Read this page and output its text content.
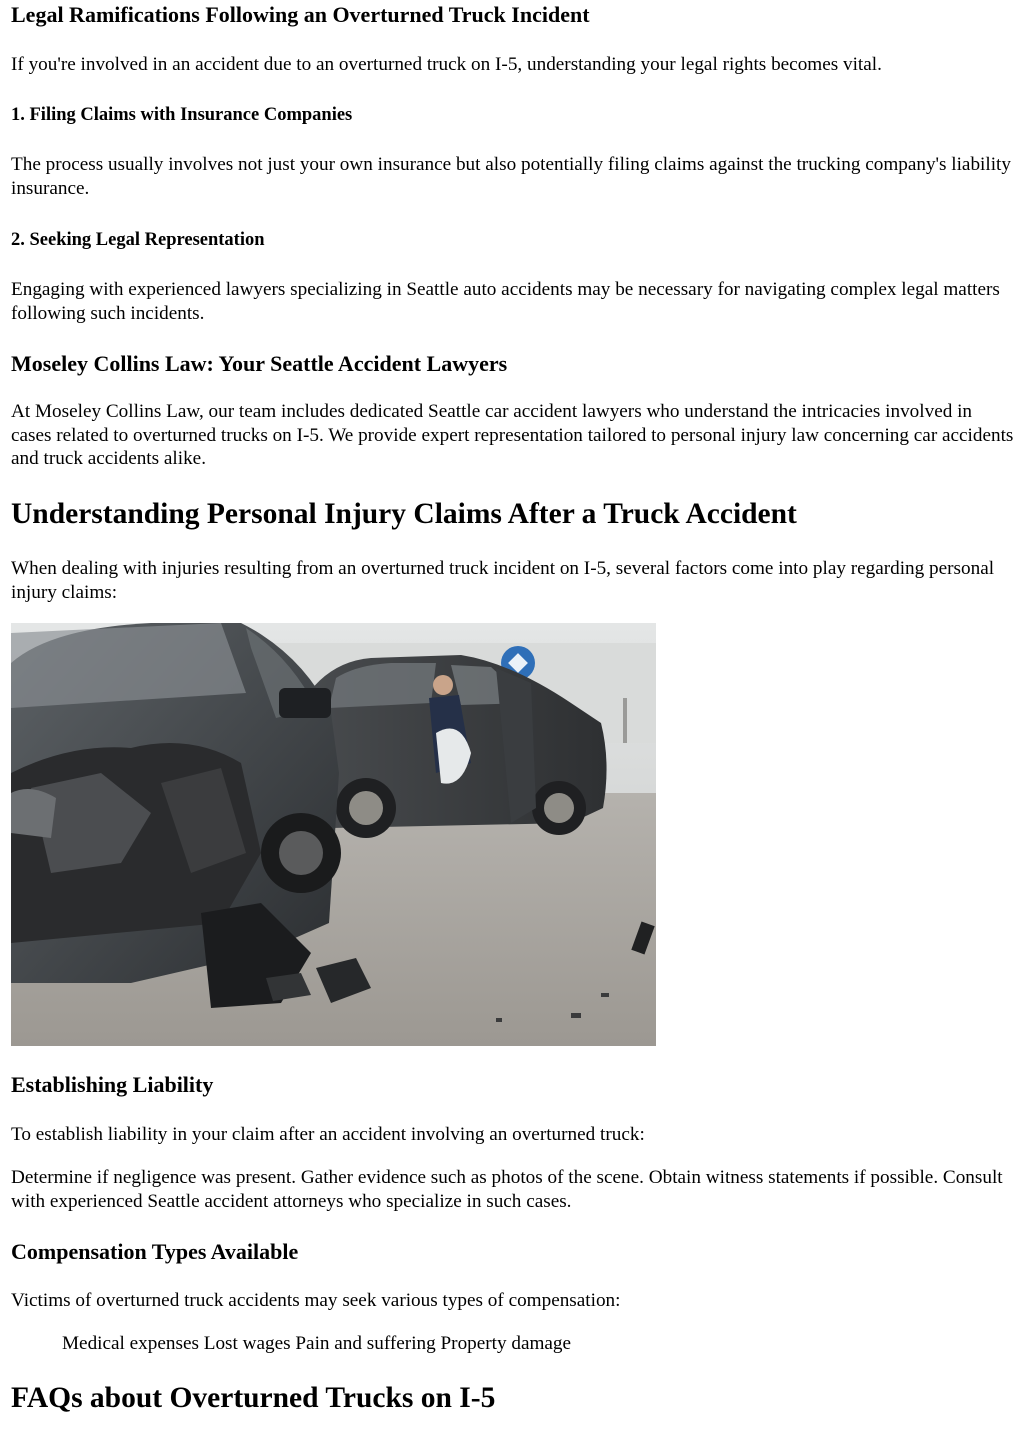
Legal Ramifications Following an Overturned Truck Incident

If you're involved in an accident due to an overturned truck on I-5, understanding your legal rights becomes vital.

1. Filing Claims with Insurance Companies

The process usually involves not just your own insurance but also potentially filing claims against the trucking company's liability insurance.

2. Seeking Legal Representation

Engaging with experienced lawyers specializing in Seattle auto accidents may be necessary for navigating complex legal matters following such incidents.

Moseley Collins Law: Your Seattle Accident Lawyers

At Moseley Collins Law, our team includes dedicated Seattle car accident lawyers who understand the intricacies involved in cases related to overturned trucks on I-5. We provide expert representation tailored to personal injury law concerning car accidents and truck accidents alike.

Understanding Personal Injury Claims After a Truck Accident

When dealing with injuries resulting from an overturned truck incident on I-5, several factors come into play regarding personal injury claims:

Establishing Liability

To establish liability in your claim after an accident involving an overturned truck:

Determine if negligence was present. Gather evidence such as photos of the scene. Obtain witness statements if possible. Consult with experienced Seattle accident attorneys who specialize in such cases.

Compensation Types Available

Victims of overturned truck accidents may seek various types of compensation:

Medical expenses Lost wages Pain and suffering Property damage

FAQs about Overturned Trucks on I-5
